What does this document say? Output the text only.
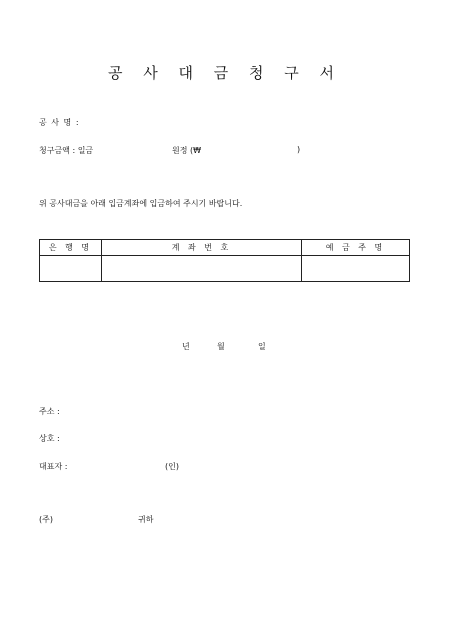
공 사 대 금 청 구 서
공 사 명 :
청구금액 : 일금	원정 (₩	)
위 공사대금을 아래 입금계좌에 입금하여 주시기 바랍니다.
은 행 명	계 좌 번 호	예 금 주 명

년	월	일
주소 :
상호 :
대표자 :	(인)
(주)	귀하
